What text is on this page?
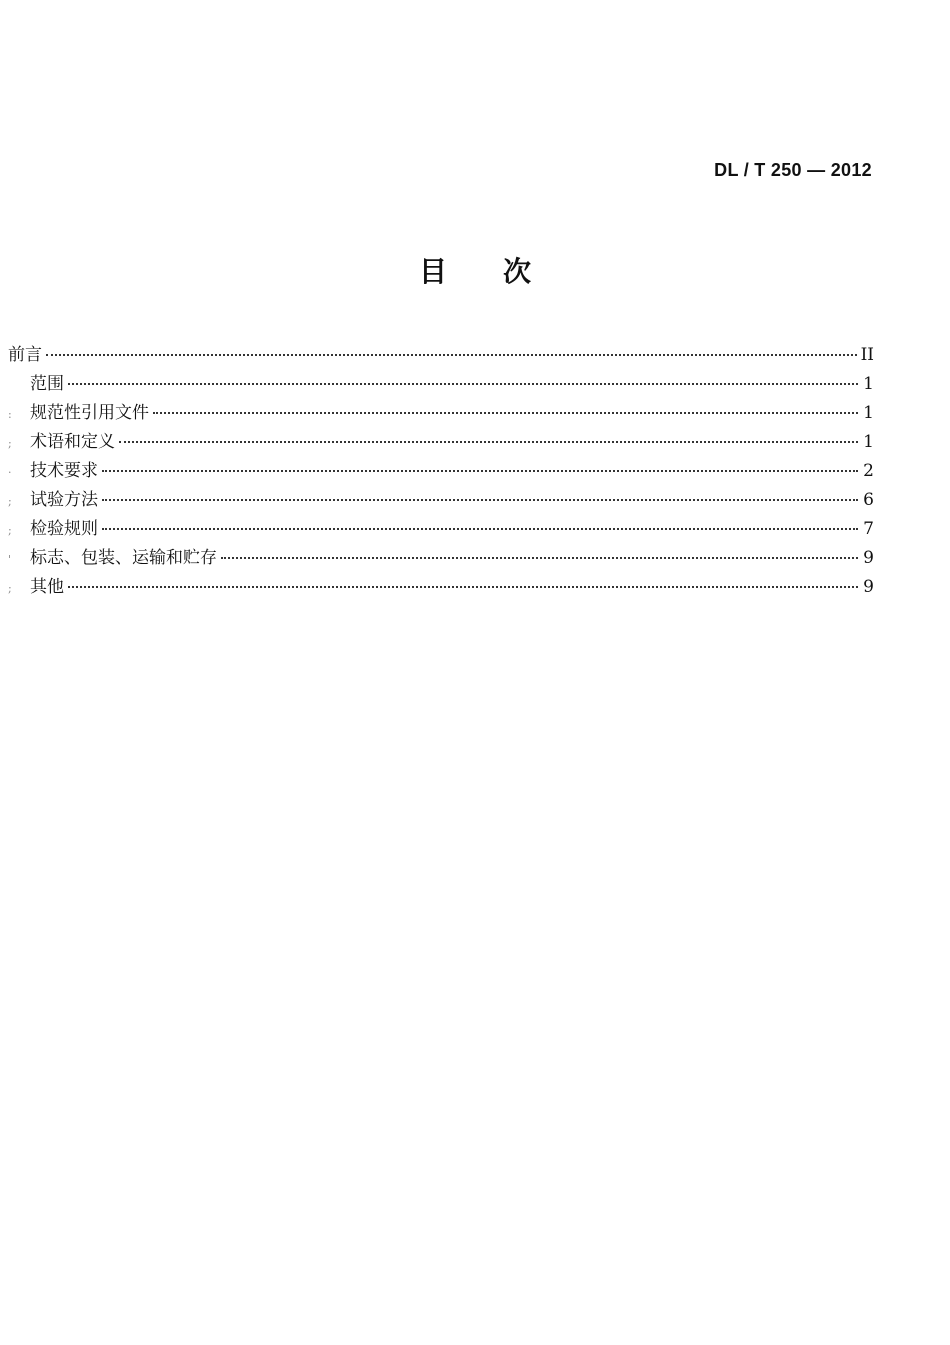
DL / T 250 — 2012
目次
前言	II
范围	1
:	规范性引用文件	1
;	术语和定义	1
·	技术要求	2
;	试验方法	6
;	检验规则	7
'	标志、包装、运输和贮存	9
;	其他	9
